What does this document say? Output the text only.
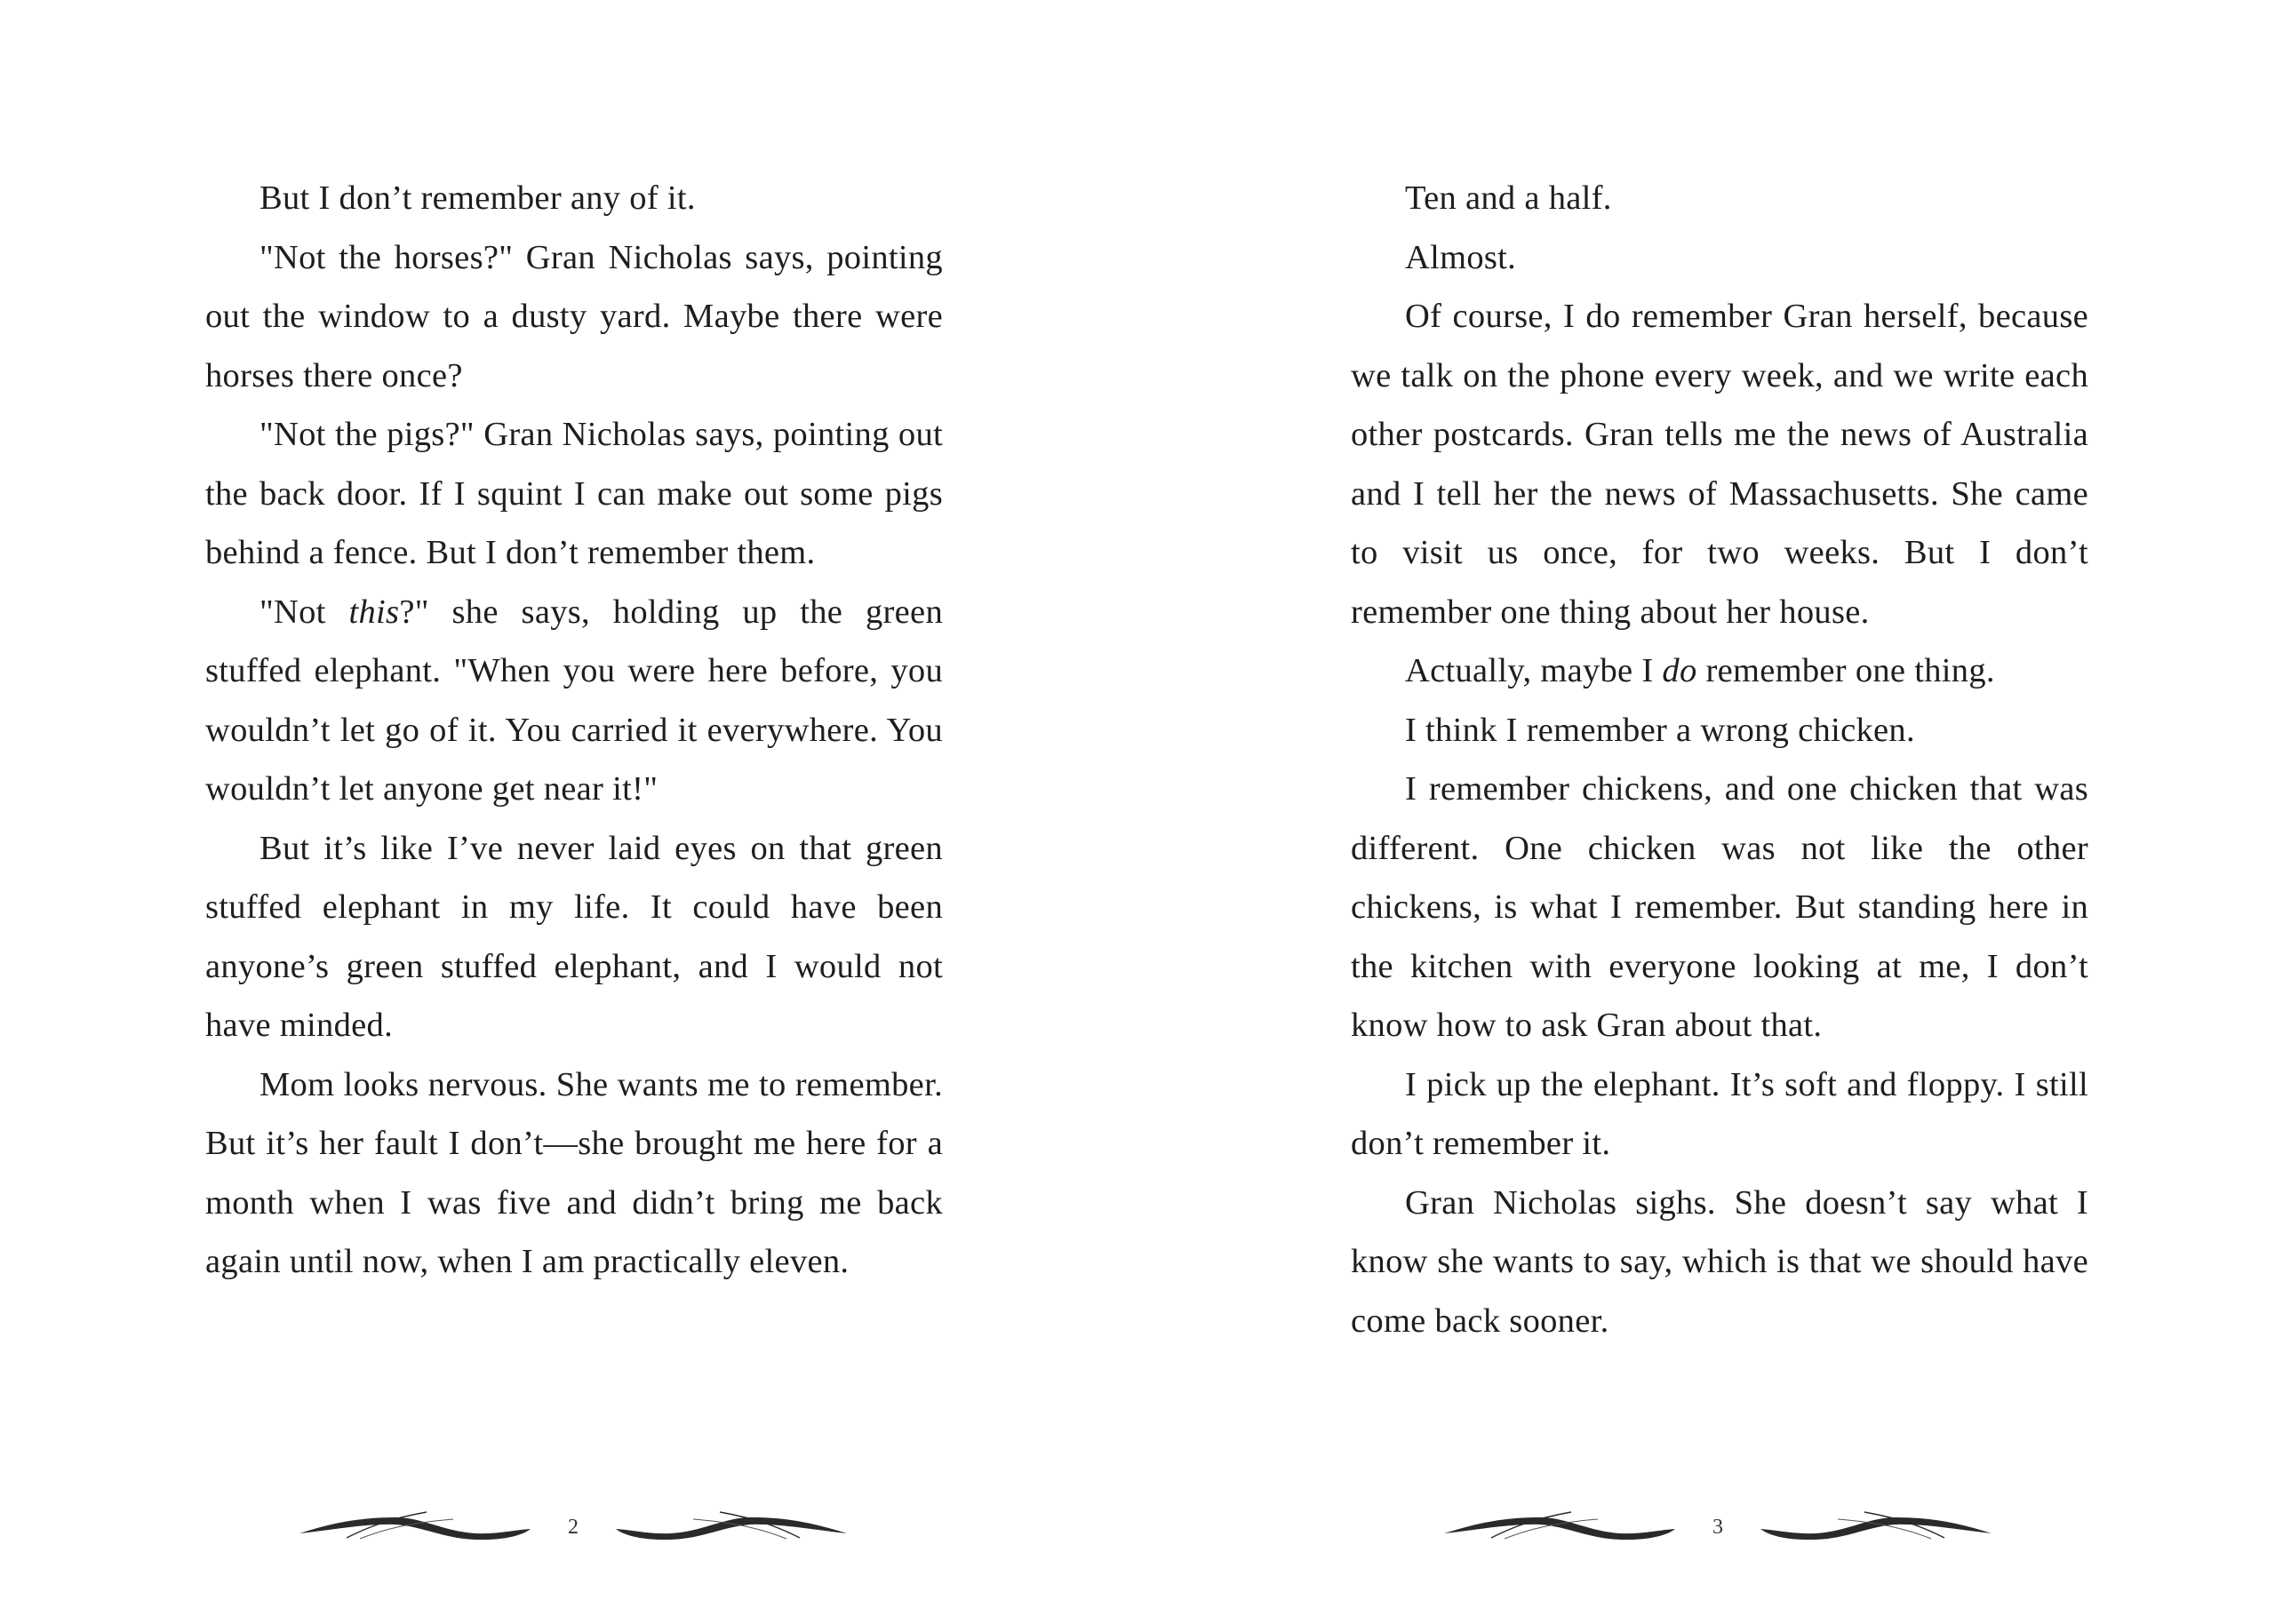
But I don’t remember any of it.

"Not the horses?" Gran Nicholas says, pointing out the window to a dusty yard. Maybe there were horses there once?

"Not the pigs?" Gran Nicholas says, pointing out the back door. If I squint I can make out some pigs behind a fence. But I don’t remember them.

"Not this?" she says, holding up the green stuffed elephant. "When you were here before, you wouldn’t let go of it. You carried it everywhere. You wouldn’t let anyone get near it!"

But it’s like I’ve never laid eyes on that green stuffed elephant in my life. It could have been anyone’s green stuffed elephant, and I would not have minded.

Mom looks nervous. She wants me to remember. But it’s her fault I don’t—she brought me here for a month when I was five and didn’t bring me back again until now, when I am practically eleven.

Ten and a half.

Almost.

Of course, I do remember Gran herself, because we talk on the phone every week, and we write each other postcards. Gran tells me the news of Australia and I tell her the news of Massachusetts. She came to visit us once, for two weeks. But I don’t remember one thing about her house.

Actually, maybe I do remember one thing.

I think I remember a wrong chicken.

I remember chickens, and one chicken that was different. One chicken was not like the other chickens, is what I remember. But standing here in the kitchen with everyone looking at me, I don’t know how to ask Gran about that.

I pick up the elephant. It’s soft and floppy. I still don’t remember it.

Gran Nicholas sighs. She doesn’t say what I know she wants to say, which is that we should have come back sooner.

2	3
